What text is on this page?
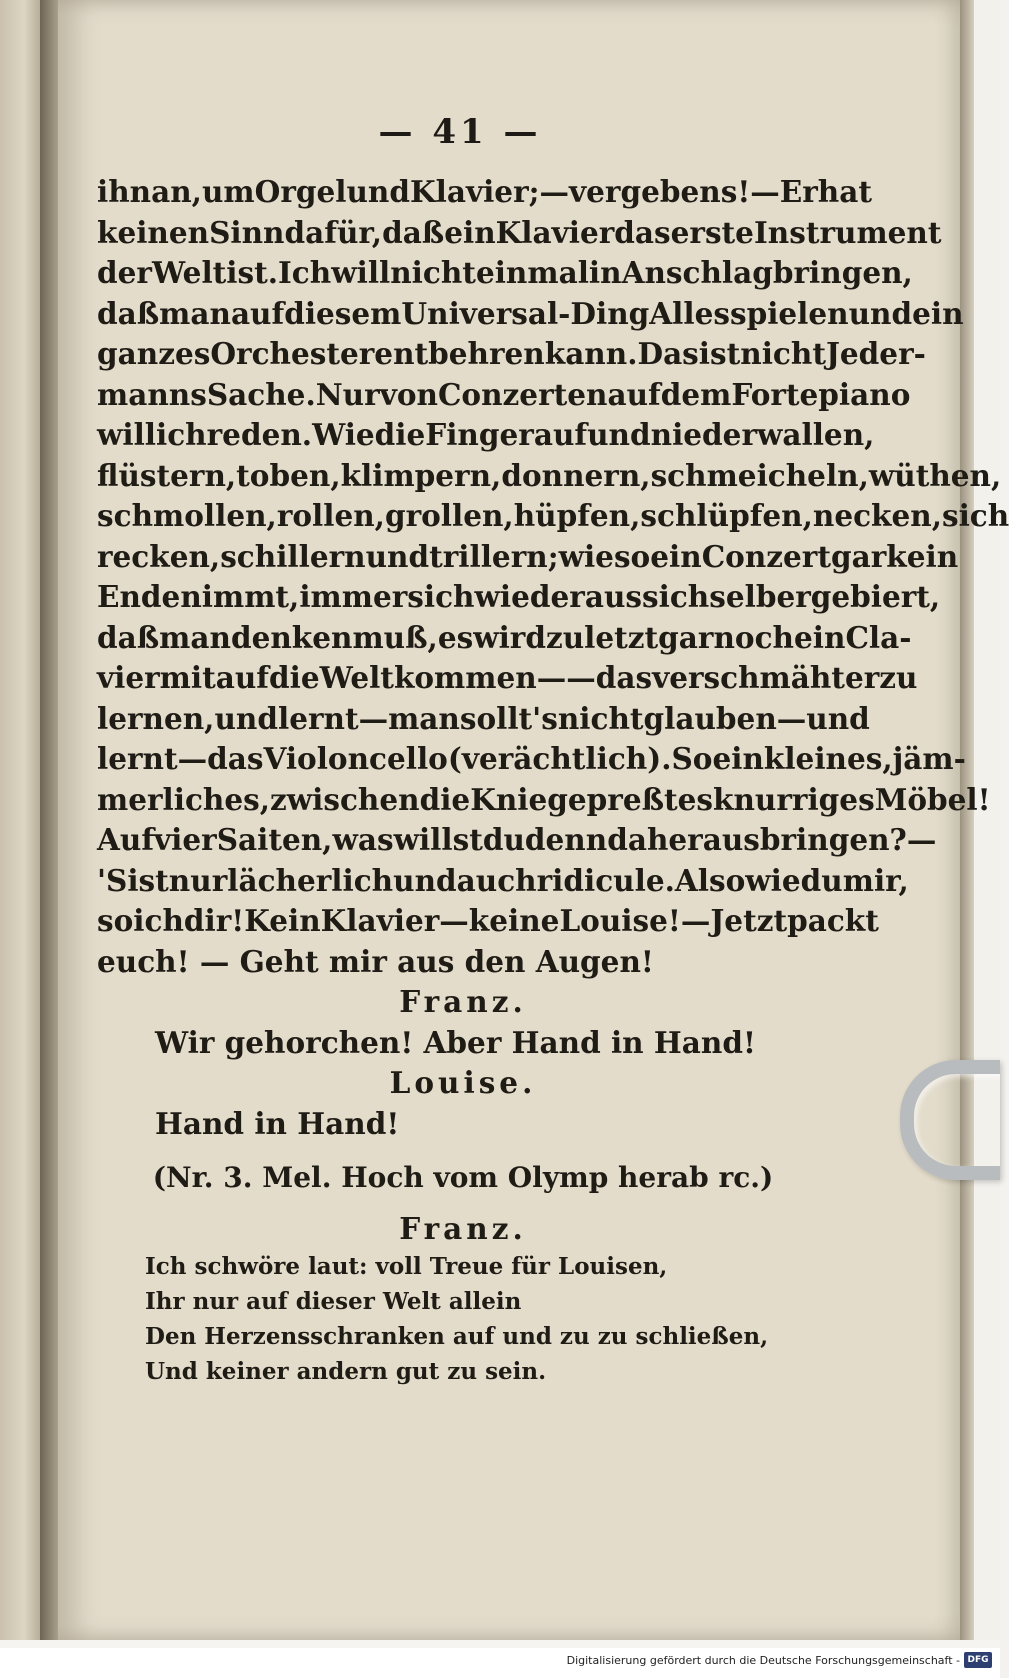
— 41 —
ihn an, um Orgel und Klavier; — vergebens! — Er hat
keinen Sinn dafür, daß ein Klavier das erste Instrument
der Welt ist. Ich will nicht einmal in Anschlag bringen,
daß man auf diesem Universal-Ding Alles spielen und ein
ganzes Orchester entbehren kann. Das ist nicht Jeder-
manns Sache. Nur von Conzerten auf dem Fortepiano
will ich reden. Wie die Finger auf und nieder wallen,
flüstern, toben, klimpern, donnern, schmeicheln, wüthen,
schmollen, rollen, grollen, hüpfen, schlüpfen, necken, sich
recken, schillern und trillern; wie so ein Conzert gar kein
Ende nimmt, immer sich wieder aus sich selber gebiert,
daß man denken muß, es wird zuletzt gar noch ein Cla-
vier mit auf die Welt kommen — — das verschmäht er zu
lernen, und lernt — man sollt's nicht glauben — und
lernt — das Violoncello (verächtlich). So ein kleines, jäm-
merliches, zwischen die Knie gepreßtes knurriges Möbel!
Auf vier Saiten, was willst du denn da herausbringen? —
'S ist nur lächerlich und auch ridicule. Also wie du mir,
so ich dir! Kein Klavier — keine Louise! — Jetzt packt
euch! — Geht mir aus den Augen!
Franz.
Wir gehorchen! Aber Hand in Hand!
Louise.
Hand in Hand!
(Nr. 3. Mel. Hoch vom Olymp herab rc.)
Franz.
Ich schwöre laut: voll Treue für Louisen,
Ihr nur auf dieser Welt allein
Den Herzensschranken auf und zu zu schließen,
Und keiner andern gut zu sein.
Digitalisierung gefördert durch die Deutsche Forschungsgemeinschaft - DFG
